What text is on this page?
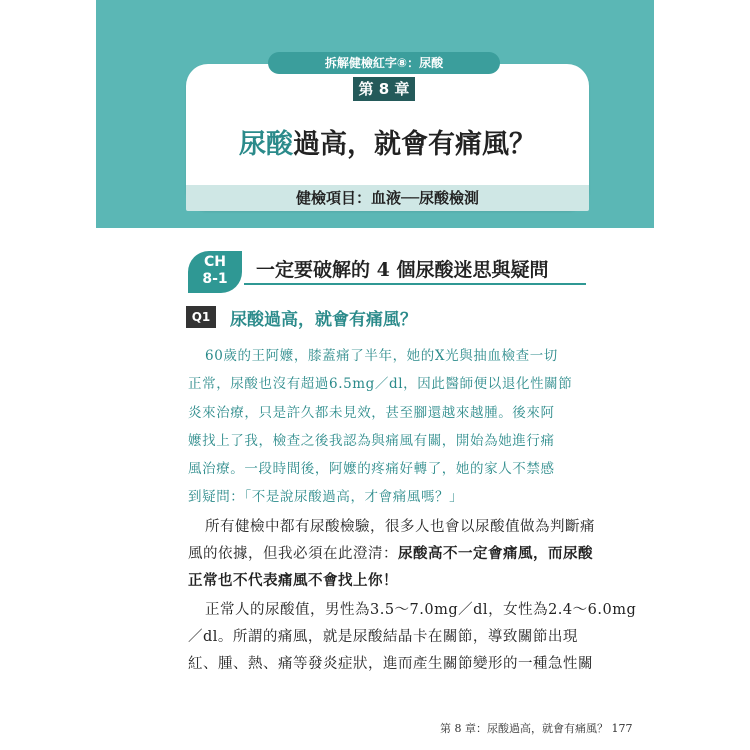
拆解健檢紅字⑧：尿酸
第 8 章
尿酸過高，就會有痛風？
健檢項目：血液──尿酸檢測
CH
8-1	一定要破解的 4 個尿酸迷思與疑問
Q1	尿酸過高，就會有痛風？
60歲的王阿嬤，膝蓋痛了半年，她的X光與抽血檢查一切
正常，尿酸也沒有超過6.5mg／dl，因此醫師便以退化性關節
炎來治療，只是許久都未見效，甚至腳還越來越腫。後來阿
嬤找上了我，檢查之後我認為與痛風有關，開始為她進行痛
風治療。一段時間後，阿嬤的疼痛好轉了，她的家人不禁感
到疑問：「不是說尿酸過高，才會痛風嗎？」
所有健檢中都有尿酸檢驗，很多人也會以尿酸值做為判斷痛
風的依據，但我必須在此澄清：尿酸高不一定會痛風，而尿酸
正常也不代表痛風不會找上你！
正常人的尿酸值，男性為3.5～7.0mg／dl，女性為2.4～6.0mg
／dl。所謂的痛風，就是尿酸結晶卡在關節，導致關節出現
紅、腫、熱、痛等發炎症狀，進而產生關節變形的一種急性關
第 8 章：尿酸過高，就會有痛風？ 177
